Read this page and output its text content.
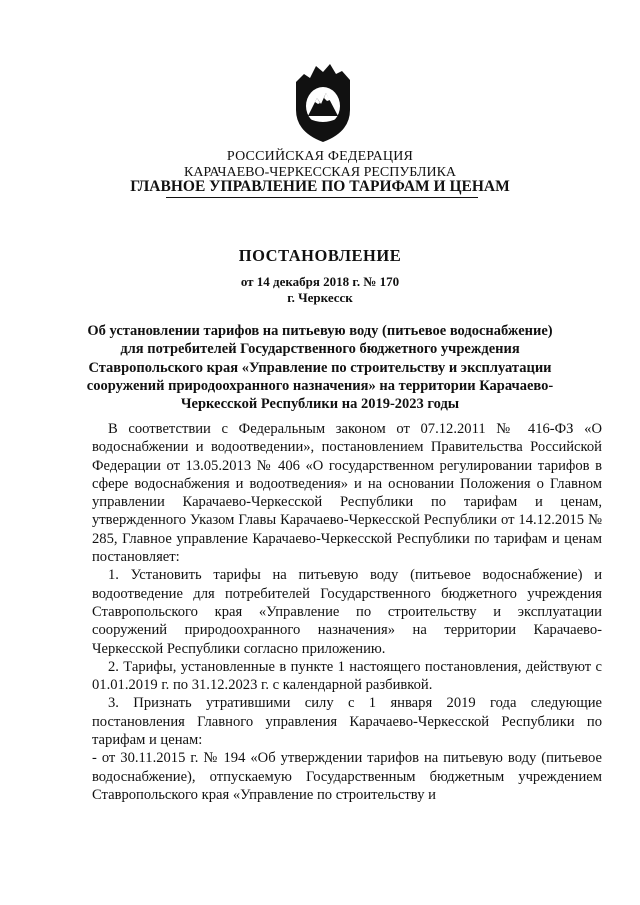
РОССИЙСКАЯ ФЕДЕРАЦИЯ
КАРАЧАЕВО-ЧЕРКЕССКАЯ РЕСПУБЛИКА
ГЛАВНОЕ УПРАВЛЕНИЕ ПО ТАРИФАМ И ЦЕНАМ
ПОСТАНОВЛЕНИЕ
от 14 декабря 2018 г. № 170
г. Черкесск
Об установлении тарифов на питьевую воду (питьевое водоснабжение) для потребителей Государственного бюджетного учреждения Ставропольского края «Управление по строительству и эксплуатации сооружений природоохранного назначения» на территории Карачаево-Черкесской Республики на 2019-2023 годы

В соответствии с Федеральным законом от 07.12.2011 № 416-ФЗ «О водоснабжении и водоотведении», постановлением Правительства Российской Федерации от 13.05.2013 № 406 «О государственном регулировании тарифов в сфере водоснабжения и водоотведения» и на основании Положения о Главном управлении Карачаево-Черкесской Республики по тарифам и ценам, утвержденного Указом Главы Карачаево-Черкесской Республики от 14.12.2015 № 285, Главное управление Карачаево-Черкесской Республики по тарифам и ценам постановляет:

1. Установить тарифы на питьевую воду (питьевое водоснабжение) и водоотведение для потребителей Государственного бюджетного учреждения Ставропольского края «Управление по строительству и эксплуатации сооружений природоохранного назначения» на территории Карачаево-Черкесской Республики согласно приложению.

2. Тарифы, установленные в пункте 1 настоящего постановления, действуют с 01.01.2019 г. по 31.12.2023 г. с календарной разбивкой.

3. Признать утратившими силу с 1 января 2019 года следующие постановления Главного управления Карачаево-Черкесской Республики по тарифам и ценам:

- от 30.11.2015 г. № 194 «Об утверждении тарифов на питьевую воду (питьевое водоснабжение), отпускаемую Государственным бюджетным учреждением Ставропольского края «Управление по строительству и
